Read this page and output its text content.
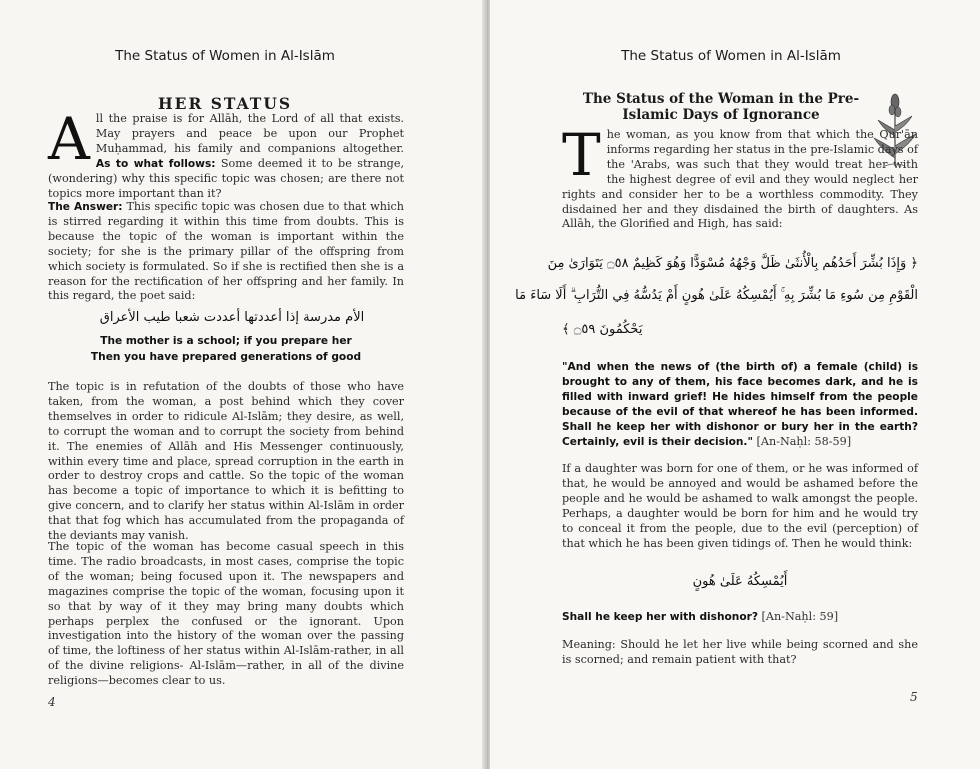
The Status of Women in Al-Islām
HER STATUS
A ll the praise is for Allāh, the Lord of all that exists. May prayers and peace be upon our Prophet Muḥammad, his family and companions altogether. As to what follows: Some deemed it to be strange, (wondering) why this specific topic was chosen; are there not topics more important than it?
The Answer: This specific topic was chosen due to that which is stirred regarding it within this time from doubts. This is because the topic of the woman is important within the society; for she is the primary pillar of the offspring from which society is formulated. So if she is rectified then she is a reason for the rectification of her offspring and her family. In this regard, the poet said:
الأم مدرسة إذا أعددتها أعددت شعبا طيب الأعراق
The mother is a school; if you prepare her
Then you have prepared generations of good
The topic is in refutation of the doubts of those who have taken, from the woman, a post behind which they cover themselves in order to ridicule Al-Islām; they desire, as well, to corrupt the woman and to corrupt the society from behind it. The enemies of Allāh and His Messenger continuously, within every time and place, spread corruption in the earth in order to destroy crops and cattle. So the topic of the woman has become a topic of importance to which it is befitting to give concern, and to clarify her status within Al-Islām in order that that fog which has accumulated from the propaganda of the deviants may vanish.
The topic of the woman has become casual speech in this time. The radio broadcasts, in most cases, comprise the topic of the woman; being focused upon it. The newspapers and magazines comprise the topic of the woman, focusing upon it so that by way of it they may bring many doubts which perhaps perplex the confused or the ignorant. Upon investigation into the history of the woman over the passing of time, the loftiness of her status within Al-Islām-rather, in all of the divine religions- Al-Islām—rather, in all of the divine religions—becomes clear to us.
4
The Status of Women in Al-Islām
The Status of the Woman in the Pre-Islamic Days of Ignorance
T he woman, as you know from that which the Qur'ān informs regarding her status in the pre-Islamic days of the 'Arabs, was such that they would treat her with the highest degree of evil and they would neglect her rights and consider her to be a worthless commodity. They disdained her and they disdained the birth of daughters. As Allāh, the Glorified and High, has said:
﴿ وَإِذَا بُشِّرَ أَحَدُهُم بِالْأُنثَىٰ ظَلَّ وَجْهُهُ مُسْوَدًّا وَهُوَ كَظِيمٌ ۝٥٨ يَتَوَارَىٰ مِنَ
الْقَوْمِ مِن سُوءِ مَا بُشِّرَ بِهِ ۚ أَيُمْسِكُهُ عَلَىٰ هُونٍ أَمْ يَدُسُّهُ فِي التُّرَابِ ۗ أَلَا سَاءَ مَا
يَحْكُمُونَ ۝٥٩ ﴾
"And when the news of (the birth of) a female (child) is brought to any of them, his face becomes dark, and he is filled with inward grief! He hides himself from the people because of the evil of that whereof he has been informed. Shall he keep her with dishonor or bury her in the earth? Certainly, evil is their decision." [An-Naḥl: 58-59]
If a daughter was born for one of them, or he was informed of that, he would be annoyed and would be ashamed before the people and he would be ashamed to walk amongst the people. Perhaps, a daughter would be born for him and he would try to conceal it from the people, due to the evil (perception) of that which he has been given tidings of. Then he would think:
أَيُمْسِكُهُ عَلَىٰ هُونٍ
Shall he keep her with dishonor? [An-Naḥl: 59]
Meaning: Should he let her live while being scorned and she is scorned; and remain patient with that?
5
